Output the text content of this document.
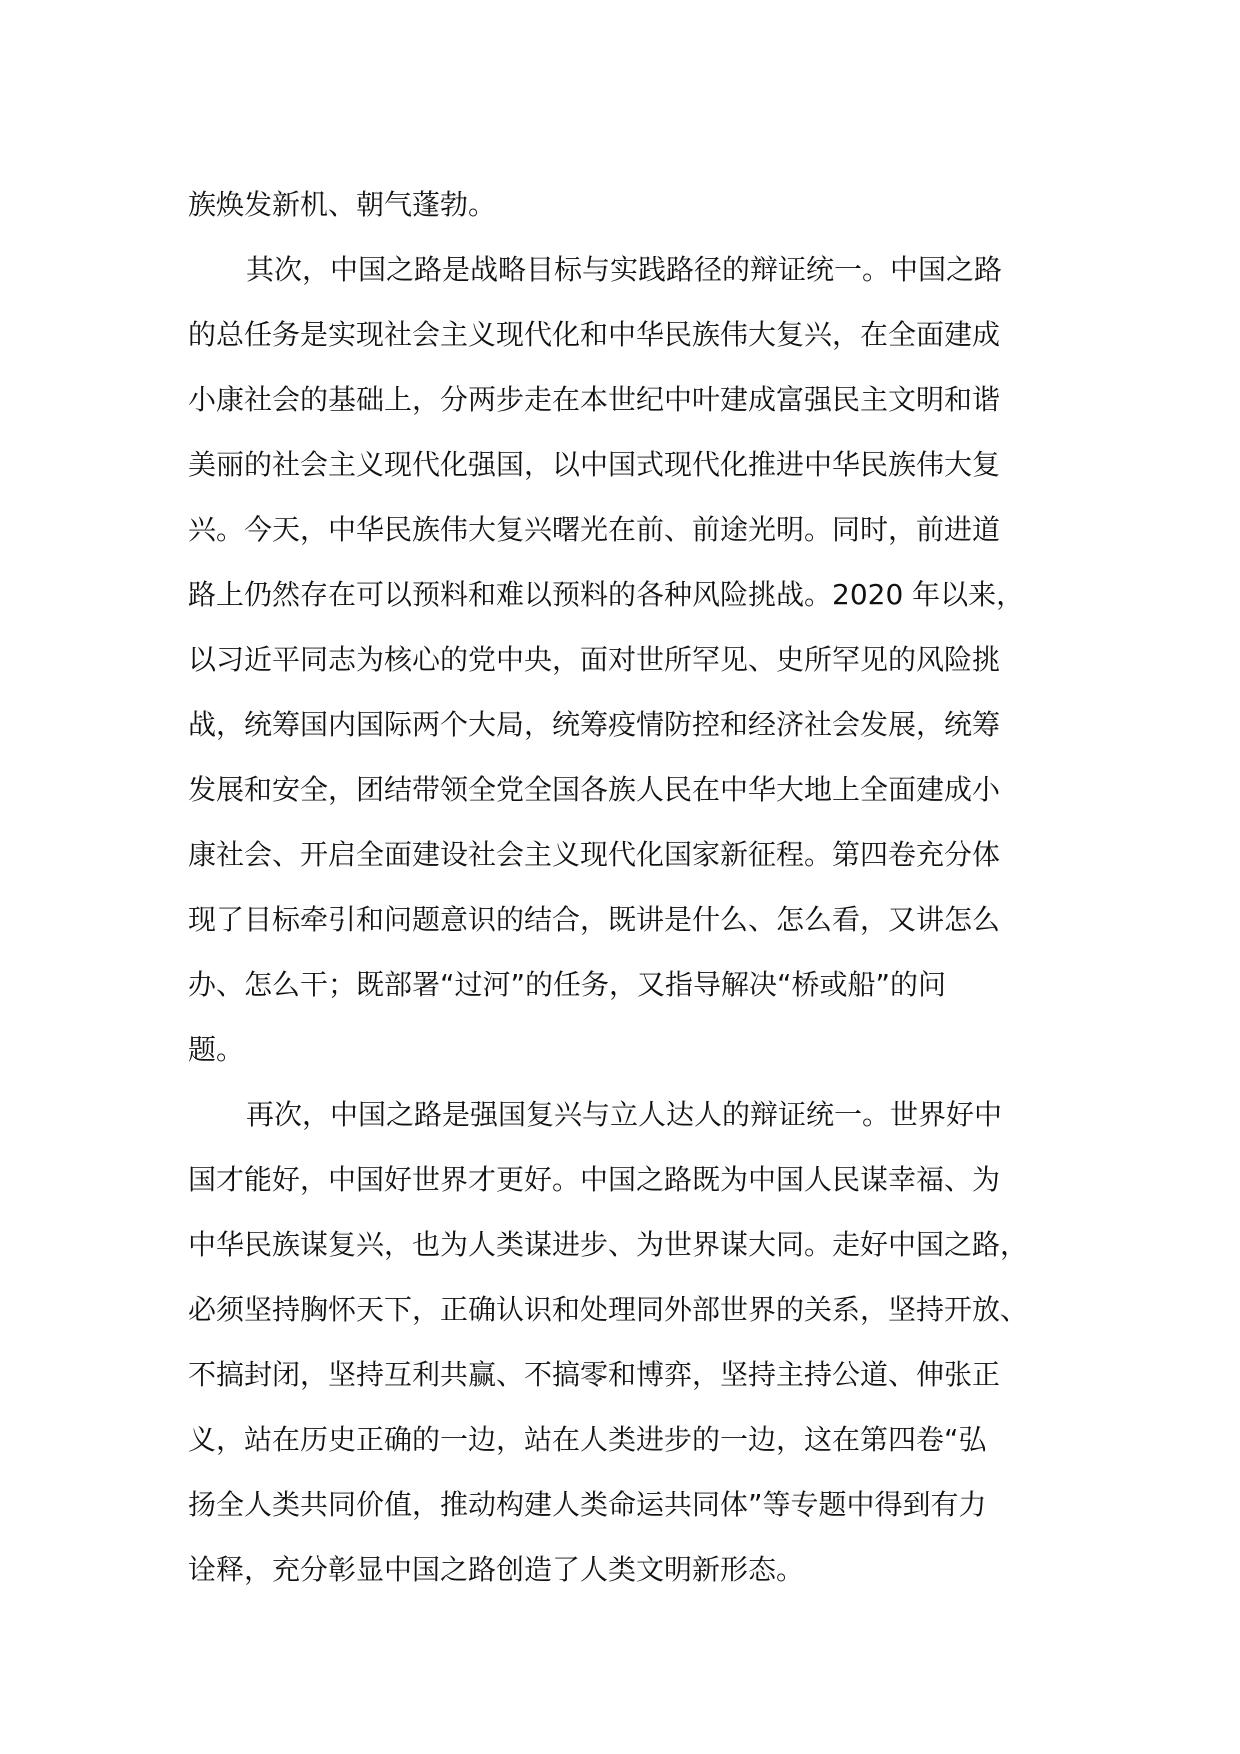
族焕发新机、朝气蓬勃。
其次，中国之路是战略目标与实践路径的辩证统一。中国之路
的总任务是实现社会主义现代化和中华民族伟大复兴，在全面建成
小康社会的基础上，分两步走在本世纪中叶建成富强民主文明和谐
美丽的社会主义现代化强国，以中国式现代化推进中华民族伟大复
兴。今天，中华民族伟大复兴曙光在前、前途光明。同时，前进道
路上仍然存在可以预料和难以预料的各种风险挑战。2020 年以来，
以习近平同志为核心的党中央，面对世所罕见、史所罕见的风险挑
战，统筹国内国际两个大局，统筹疫情防控和经济社会发展，统筹
发展和安全，团结带领全党全国各族人民在中华大地上全面建成小
康社会、开启全面建设社会主义现代化国家新征程。第四卷充分体
现了目标牵引和问题意识的结合，既讲是什么、怎么看，又讲怎么
办、怎么干；既部署“过河”的任务，又指导解决“桥或船”的问
题。
再次，中国之路是强国复兴与立人达人的辩证统一。世界好中
国才能好，中国好世界才更好。中国之路既为中国人民谋幸福、为
中华民族谋复兴，也为人类谋进步、为世界谋大同。走好中国之路，
必须坚持胸怀天下，正确认识和处理同外部世界的关系，坚持开放、
不搞封闭，坚持互利共赢、不搞零和博弈，坚持主持公道、伸张正
义，站在历史正确的一边，站在人类进步的一边，这在第四卷“弘
扬全人类共同价值，推动构建人类命运共同体”等专题中得到有力
诠释，充分彰显中国之路创造了人类文明新形态。
